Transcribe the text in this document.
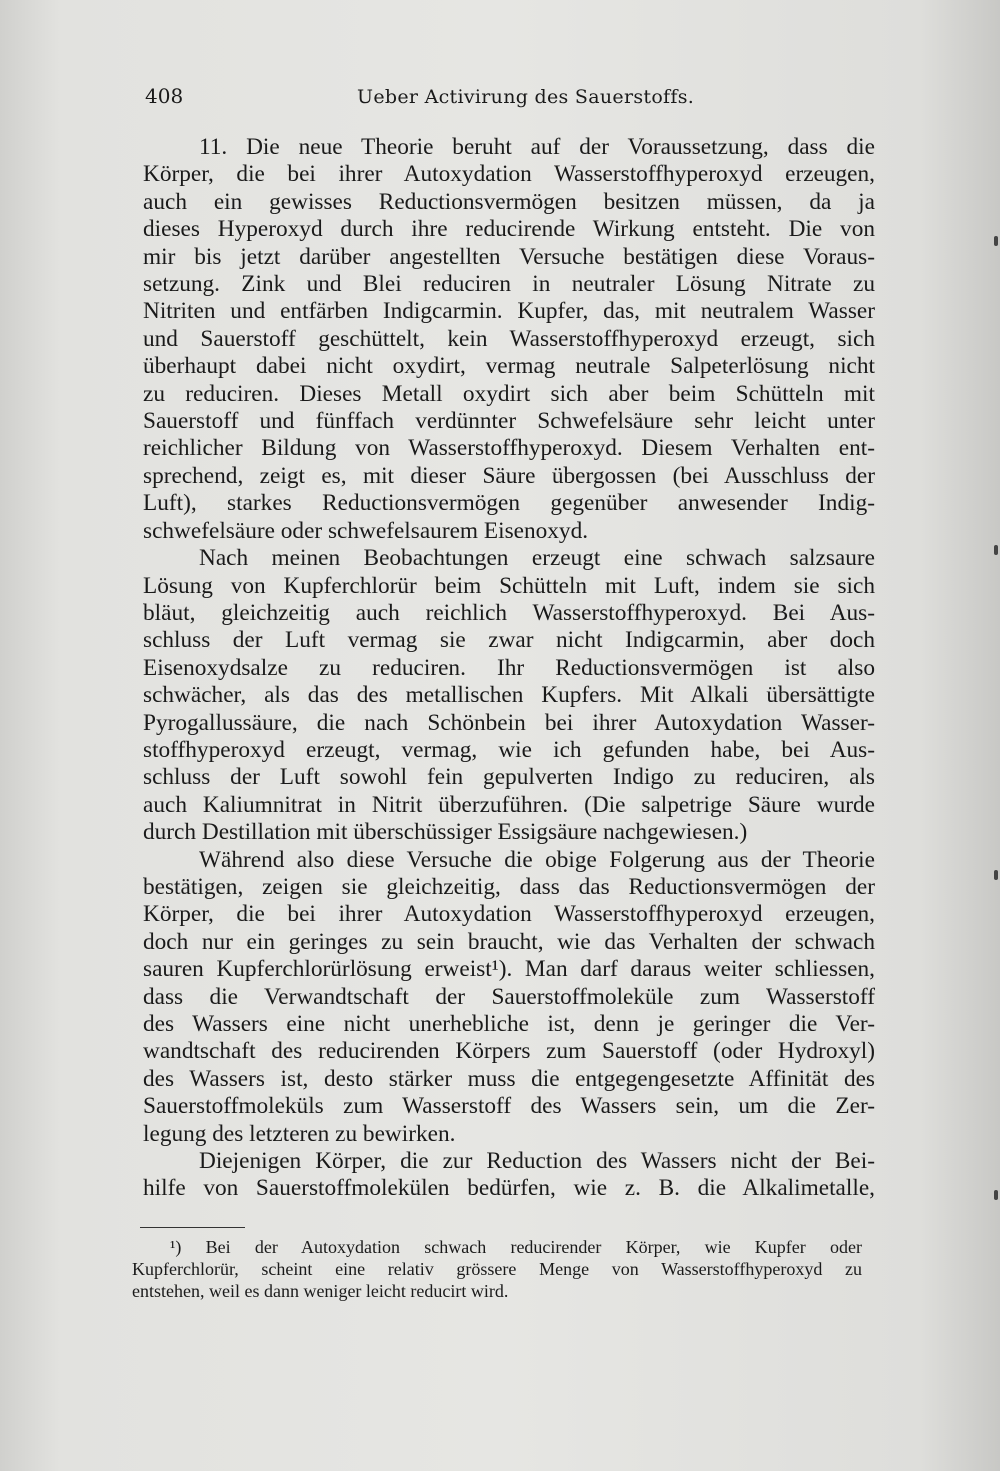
408	Ueber Activirung des Sauerstoffs.
11. Die neue Theorie beruht auf der Voraussetzung, dass die
Körper, die bei ihrer Autoxydation Wasserstoffhyperoxyd erzeugen,
auch ein gewisses Reductionsvermögen besitzen müssen, da ja
dieses Hyperoxyd durch ihre reducirende Wirkung entsteht. Die von
mir bis jetzt darüber angestellten Versuche bestätigen diese Voraus-
setzung. Zink und Blei reduciren in neutraler Lösung Nitrate zu
Nitriten und entfärben Indigcarmin. Kupfer, das, mit neutralem Wasser
und Sauerstoff geschüttelt, kein Wasserstoffhyperoxyd erzeugt, sich
überhaupt dabei nicht oxydirt, vermag neutrale Salpeterlösung nicht
zu reduciren. Dieses Metall oxydirt sich aber beim Schütteln mit
Sauerstoff und fünffach verdünnter Schwefelsäure sehr leicht unter
reichlicher Bildung von Wasserstoffhyperoxyd. Diesem Verhalten ent-
sprechend, zeigt es, mit dieser Säure übergossen (bei Ausschluss der
Luft), starkes Reductionsvermögen gegenüber anwesender Indig-
schwefelsäure oder schwefelsaurem Eisenoxyd.
Nach meinen Beobachtungen erzeugt eine schwach salzsaure
Lösung von Kupferchlorür beim Schütteln mit Luft, indem sie sich
bläut, gleichzeitig auch reichlich Wasserstoffhyperoxyd. Bei Aus-
schluss der Luft vermag sie zwar nicht Indigcarmin, aber doch
Eisenoxydsalze zu reduciren. Ihr Reductionsvermögen ist also
schwächer, als das des metallischen Kupfers. Mit Alkali übersättigte
Pyrogallussäure, die nach Schönbein bei ihrer Autoxydation Wasser-
stoffhyperoxyd erzeugt, vermag, wie ich gefunden habe, bei Aus-
schluss der Luft sowohl fein gepulverten Indigo zu reduciren, als
auch Kaliumnitrat in Nitrit überzuführen. (Die salpetrige Säure wurde
durch Destillation mit überschüssiger Essigsäure nachgewiesen.)
Während also diese Versuche die obige Folgerung aus der Theorie
bestätigen, zeigen sie gleichzeitig, dass das Reductionsvermögen der
Körper, die bei ihrer Autoxydation Wasserstoffhyperoxyd erzeugen,
doch nur ein geringes zu sein braucht, wie das Verhalten der schwach
sauren Kupferchlorürlösung erweist¹). Man darf daraus weiter schliessen,
dass die Verwandtschaft der Sauerstoffmoleküle zum Wasserstoff
des Wassers eine nicht unerhebliche ist, denn je geringer die Ver-
wandtschaft des reducirenden Körpers zum Sauerstoff (oder Hydroxyl)
des Wassers ist, desto stärker muss die entgegengesetzte Affinität des
Sauerstoffmoleküls zum Wasserstoff des Wassers sein, um die Zer-
legung des letzteren zu bewirken.
Diejenigen Körper, die zur Reduction des Wassers nicht der Bei-
hilfe von Sauerstoffmolekülen bedürfen, wie z. B. die Alkalimetalle,
¹) Bei der Autoxydation schwach reducirender Körper, wie Kupfer oder
Kupferchlorür, scheint eine relativ grössere Menge von Wasserstoffhyperoxyd zu
entstehen, weil es dann weniger leicht reducirt wird.
